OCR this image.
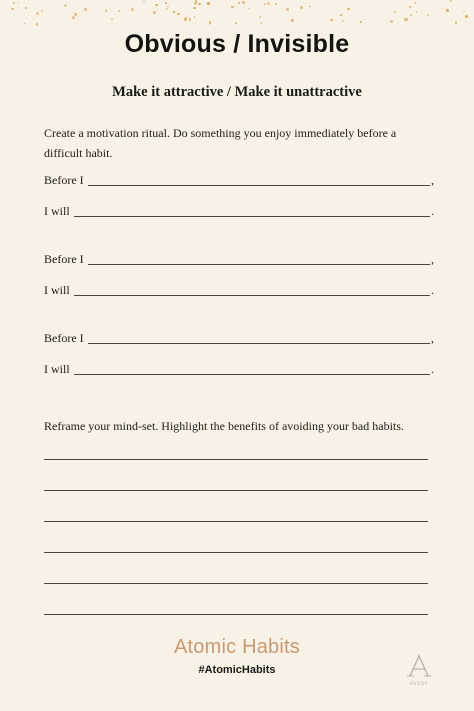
Obvious / Invisible
Make it attractive / Make it unattractive
Create a motivation ritual. Do something you enjoy immediately before a difficult habit.
Before I	,
I will	.
Before I	,
I will	.
Before I	,
I will	.
Reframe your mind-set. Highlight the benefits of avoiding your bad habits.
Atomic Habits
#AtomicHabits
AVERY
